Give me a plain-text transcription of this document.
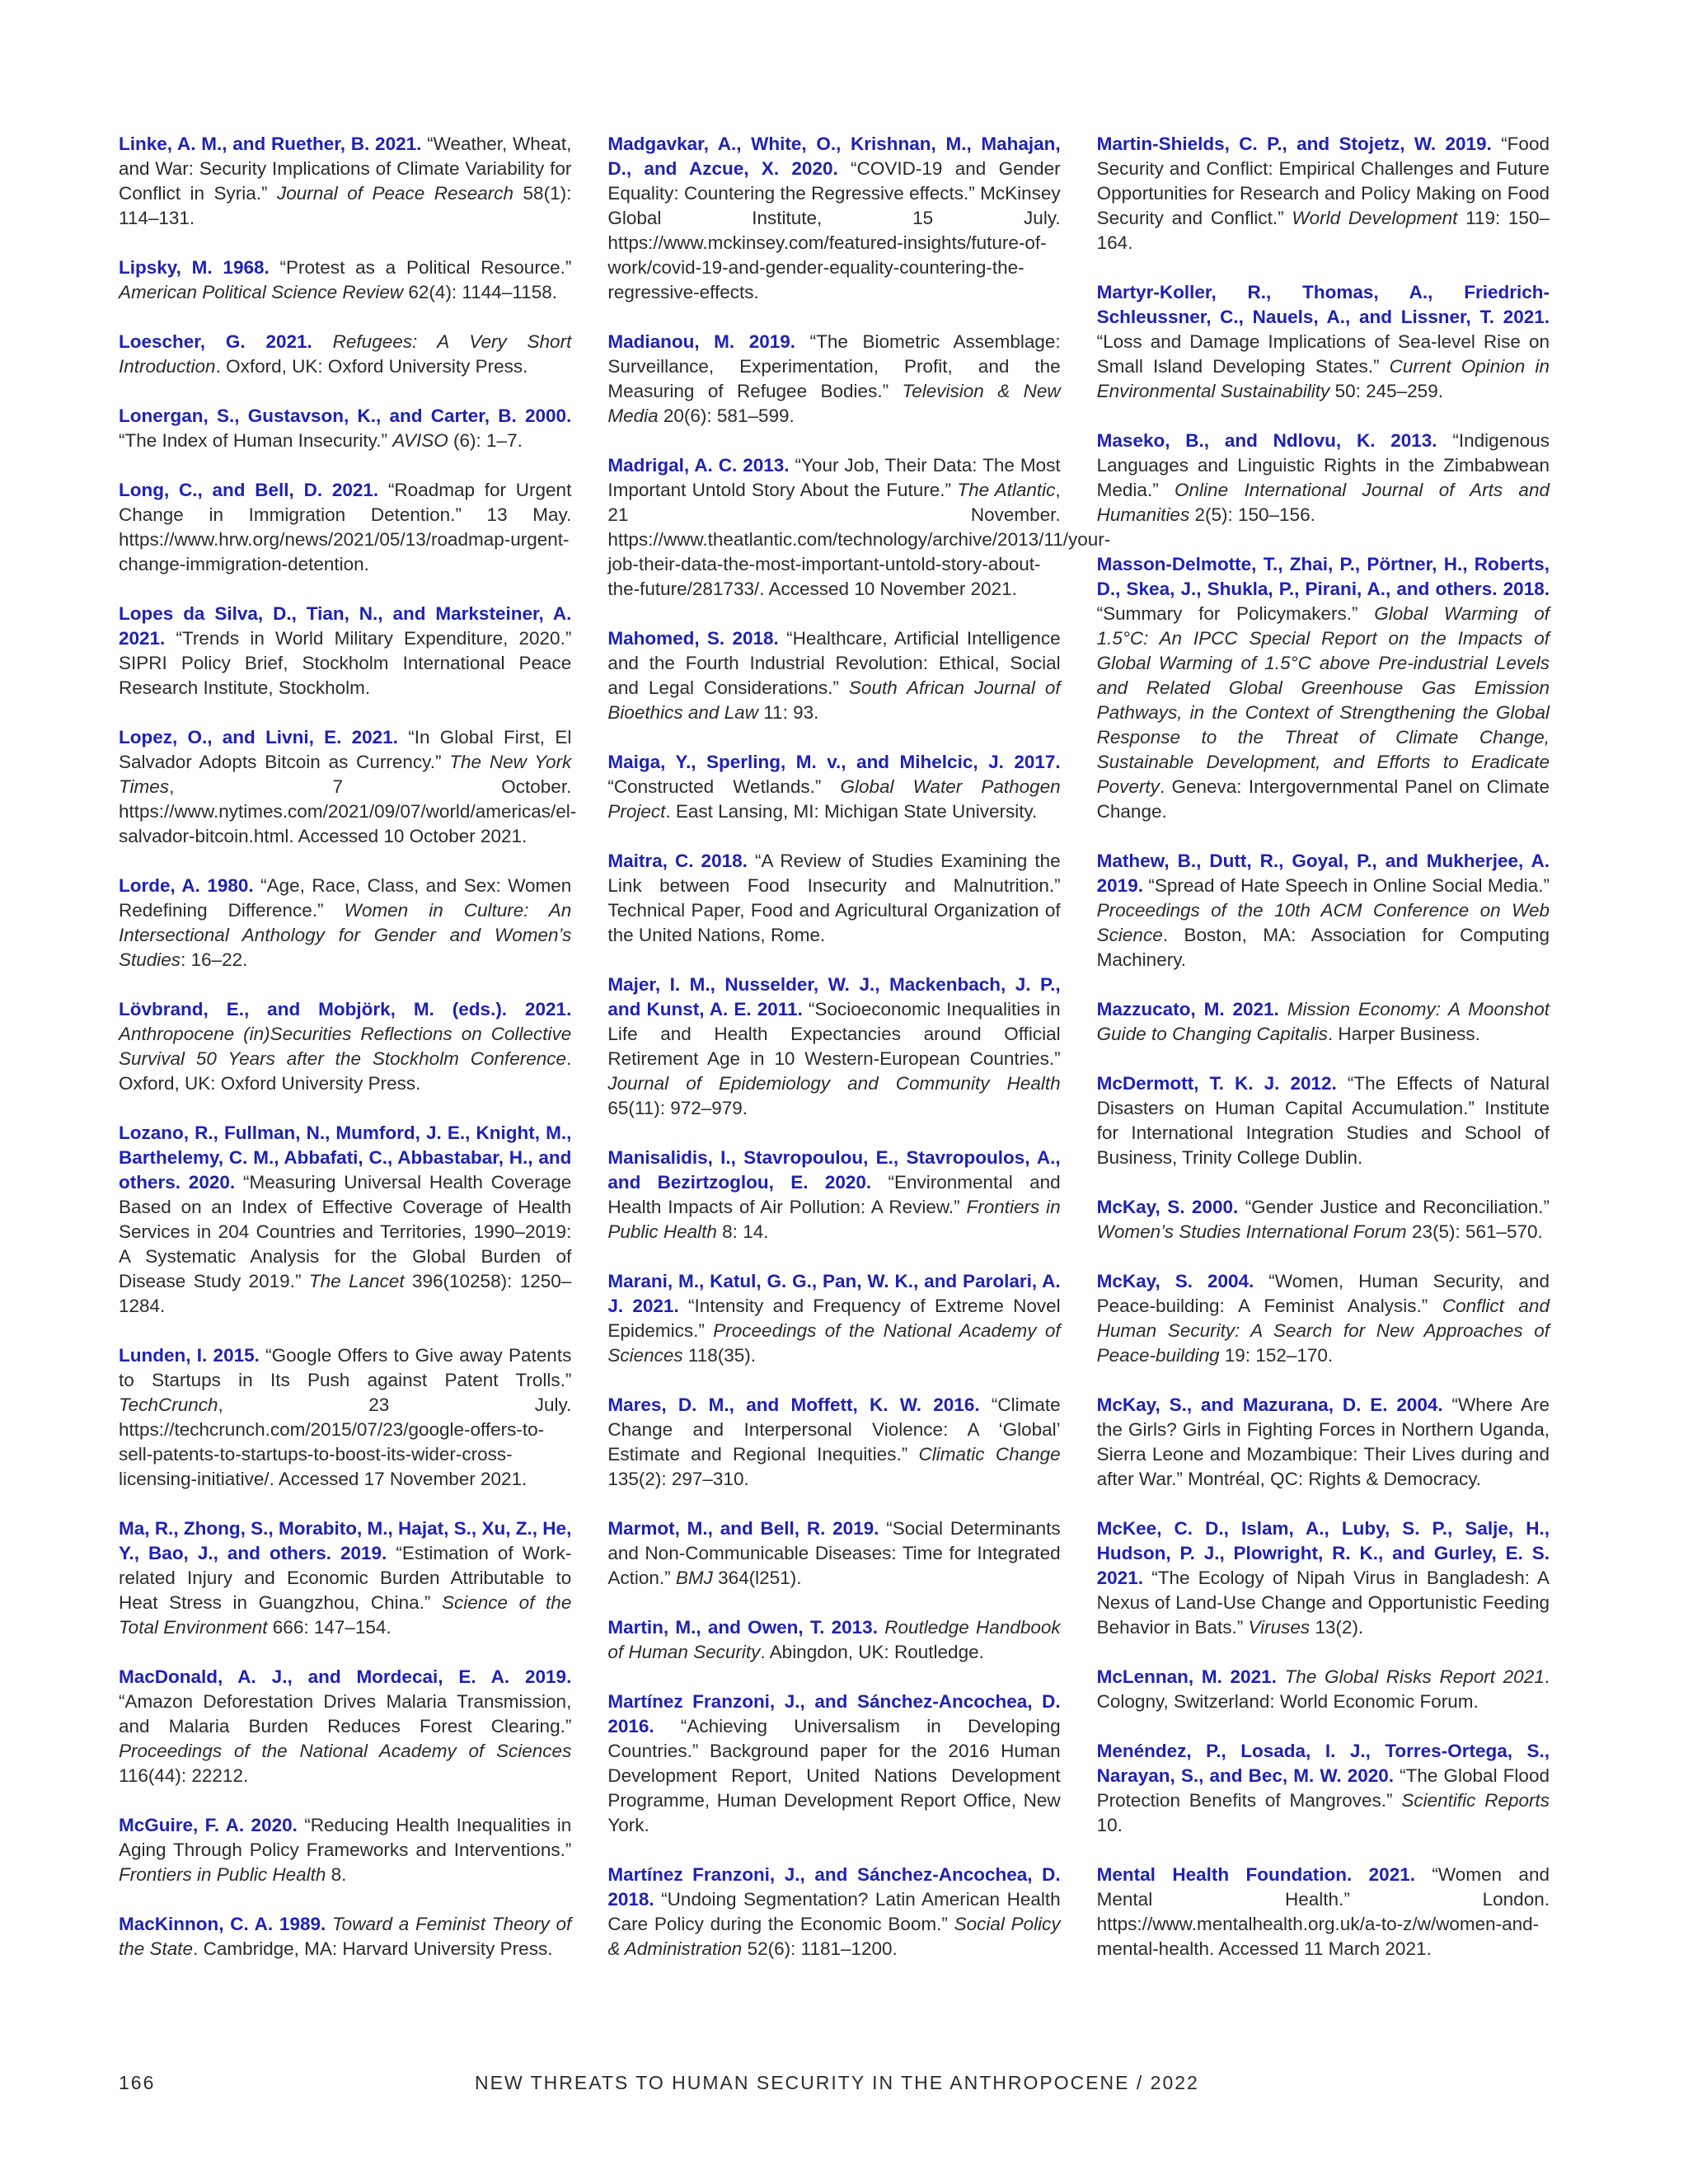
Linke, A. M., and Ruether, B. 2021. “Weather, Wheat, and War: Security Implications of Climate Variability for Conflict in Syria.” Journal of Peace Research 58(1): 114–131.

Lipsky, M. 1968. “Protest as a Political Resource.” American Political Science Review 62(4): 1144–1158.

Loescher, G. 2021. Refugees: A Very Short Introduction. Oxford, UK: Oxford University Press.

Lonergan, S., Gustavson, K., and Carter, B. 2000. “The Index of Human Insecurity.” AVISO (6): 1–7.

Long, C., and Bell, D. 2021. “Roadmap for Urgent Change in Immigration Detention.” 13 May. https://www.hrw.org/news/2021/05/13/roadmap-urgent-change-immigration-detention.

Lopes da Silva, D., Tian, N., and Marksteiner, A. 2021. “Trends in World Military Expenditure, 2020.” SIPRI Policy Brief, Stockholm International Peace Research Institute, Stockholm.

Lopez, O., and Livni, E. 2021. “In Global First, El Salvador Adopts Bitcoin as Currency.” The New York Times, 7 October. https://www.nytimes.com/2021/09/07/world/americas/el-salvador-bitcoin.html. Accessed 10 October 2021.

Lorde, A. 1980. “Age, Race, Class, and Sex: Women Redefining Difference.” Women in Culture: An Intersectional Anthology for Gender and Women’s Studies: 16–22.

Lövbrand, E., and Mobjörk, M. (eds.). 2021. Anthropocene (in)Securities Reflections on Collective Survival 50 Years after the Stockholm Conference. Oxford, UK: Oxford University Press.

Lozano, R., Fullman, N., Mumford, J. E., Knight, M., Barthelemy, C. M., Abbafati, C., Abbastabar, H., and others. 2020. “Measuring Universal Health Coverage Based on an Index of Effective Coverage of Health Services in 204 Countries and Territories, 1990–2019: A Systematic Analysis for the Global Burden of Disease Study 2019.” The Lancet 396(10258): 1250–1284.

Lunden, I. 2015. “Google Offers to Give away Patents to Startups in Its Push against Patent Trolls.” TechCrunch, 23 July. https://techcrunch.com/2015/07/23/google-offers-to-sell-patents-to-startups-to-boost-its-wider-cross-licensing-initiative/. Accessed 17 November 2021.

Ma, R., Zhong, S., Morabito, M., Hajat, S., Xu, Z., He, Y., Bao, J., and others. 2019. “Estimation of Work-related Injury and Economic Burden Attributable to Heat Stress in Guangzhou, China.” Science of the Total Environment 666: 147–154.

MacDonald, A. J., and Mordecai, E. A. 2019. “Amazon Deforestation Drives Malaria Transmission, and Malaria Burden Reduces Forest Clearing.” Proceedings of the National Academy of Sciences 116(44): 22212.

McGuire, F. A. 2020. “Reducing Health Inequalities in Aging Through Policy Frameworks and Interventions.” Frontiers in Public Health 8.

MacKinnon, C. A. 1989. Toward a Feminist Theory of the State. Cambridge, MA: Harvard University Press.

Madgavkar, A., White, O., Krishnan, M., Mahajan, D., and Azcue, X. 2020. “COVID-19 and Gender Equality: Countering the Regressive effects.” McKinsey Global Institute, 15 July. https://www.mckinsey.com/featured-insights/future-of-work/covid-19-and-gender-equality-countering-the-regressive-effects.

Madianou, M. 2019. “The Biometric Assemblage: Surveillance, Experimentation, Profit, and the Measuring of Refugee Bodies.” Television & New Media 20(6): 581–599.

Madrigal, A. C. 2013. “Your Job, Their Data: The Most Important Untold Story About the Future.” The Atlantic, 21 November. https://www.theatlantic.com/technology/archive/2013/11/your-job-their-data-the-most-important-untold-story-about-the-future/281733/. Accessed 10 November 2021.

Mahomed, S. 2018. “Healthcare, Artificial Intelligence and the Fourth Industrial Revolution: Ethical, Social and Legal Considerations.” South African Journal of Bioethics and Law 11: 93.

Maiga, Y., Sperling, M. v., and Mihelcic, J. 2017. “Constructed Wetlands.” Global Water Pathogen Project. East Lansing, MI: Michigan State University.

Maitra, C. 2018. “A Review of Studies Examining the Link between Food Insecurity and Malnutrition.” Technical Paper, Food and Agricultural Organization of the United Nations, Rome.

Majer, I. M., Nusselder, W. J., Mackenbach, J. P., and Kunst, A. E. 2011. “Socioeconomic Inequalities in Life and Health Expectancies around Official Retirement Age in 10 Western-European Countries.” Journal of Epidemiology and Community Health 65(11): 972–979.

Manisalidis, I., Stavropoulou, E., Stavropoulos, A., and Bezirtzoglou, E. 2020. “Environmental and Health Impacts of Air Pollution: A Review.” Frontiers in Public Health 8: 14.

Marani, M., Katul, G. G., Pan, W. K., and Parolari, A. J. 2021. “Intensity and Frequency of Extreme Novel Epidemics.” Proceedings of the National Academy of Sciences 118(35).

Mares, D. M., and Moffett, K. W. 2016. “Climate Change and Interpersonal Violence: A ‘Global’ Estimate and Regional Inequities.” Climatic Change 135(2): 297–310.

Marmot, M., and Bell, R. 2019. “Social Determinants and Non-Communicable Diseases: Time for Integrated Action.” BMJ 364(l251).

Martin, M., and Owen, T. 2013. Routledge Handbook of Human Security. Abingdon, UK: Routledge.

Martínez Franzoni, J., and Sánchez-Ancochea, D. 2016. “Achieving Universalism in Developing Countries.” Background paper for the 2016 Human Development Report, United Nations Development Programme, Human Development Report Office, New York.

Martínez Franzoni, J., and Sánchez-Ancochea, D. 2018. “Undoing Segmentation? Latin American Health Care Policy during the Economic Boom.” Social Policy & Administration 52(6): 1181–1200.

Martin-Shields, C. P., and Stojetz, W. 2019. “Food Security and Conflict: Empirical Challenges and Future Opportunities for Research and Policy Making on Food Security and Conflict.” World Development 119: 150–164.

Martyr-Koller, R., Thomas, A., Friedrich-Schleussner, C., Nauels, A., and Lissner, T. 2021. “Loss and Damage Implications of Sea-level Rise on Small Island Developing States.” Current Opinion in Environmental Sustainability 50: 245–259.

Maseko, B., and Ndlovu, K. 2013. “Indigenous Languages and Linguistic Rights in the Zimbabwean Media.” Online International Journal of Arts and Humanities 2(5): 150–156.

Masson-Delmotte, T., Zhai, P., Pörtner, H., Roberts, D., Skea, J., Shukla, P., Pirani, A., and others. 2018. “Summary for Policymakers.” Global Warming of 1.5°C: An IPCC Special Report on the Impacts of Global Warming of 1.5°C above Pre-industrial Levels and Related Global Greenhouse Gas Emission Pathways, in the Context of Strengthening the Global Response to the Threat of Climate Change, Sustainable Development, and Efforts to Eradicate Poverty. Geneva: Intergovernmental Panel on Climate Change.

Mathew, B., Dutt, R., Goyal, P., and Mukherjee, A. 2019. “Spread of Hate Speech in Online Social Media.” Proceedings of the 10th ACM Conference on Web Science. Boston, MA: Association for Computing Machinery.

Mazzucato, M. 2021. Mission Economy: A Moonshot Guide to Changing Capitalis. Harper Business.

McDermott, T. K. J. 2012. “The Effects of Natural Disasters on Human Capital Accumulation.” Institute for International Integration Studies and School of Business, Trinity College Dublin.

McKay, S. 2000. “Gender Justice and Reconciliation.” Women’s Studies International Forum 23(5): 561–570.

McKay, S. 2004. “Women, Human Security, and Peace-building: A Feminist Analysis.” Conflict and Human Security: A Search for New Approaches of Peace-building 19: 152–170.

McKay, S., and Mazurana, D. E. 2004. “Where Are the Girls? Girls in Fighting Forces in Northern Uganda, Sierra Leone and Mozambique: Their Lives during and after War.” Montréal, QC: Rights & Democracy.

McKee, C. D., Islam, A., Luby, S. P., Salje, H., Hudson, P. J., Plowright, R. K., and Gurley, E. S. 2021. “The Ecology of Nipah Virus in Bangladesh: A Nexus of Land-Use Change and Opportunistic Feeding Behavior in Bats.” Viruses 13(2).

McLennan, M. 2021. The Global Risks Report 2021. Cologny, Switzerland: World Economic Forum.

Menéndez, P., Losada, I. J., Torres-Ortega, S., Narayan, S., and Bec, M. W. 2020. “The Global Flood Protection Benefits of Mangroves.” Scientific Reports 10.

Mental Health Foundation. 2021. “Women and Mental Health.” London. https://www.mentalhealth.org.uk/a-to-z/w/women-and-mental-health. Accessed 11 March 2021.

166	NEW THREATS TO HUMAN SECURITY IN THE ANTHROPOCENE / 2022
